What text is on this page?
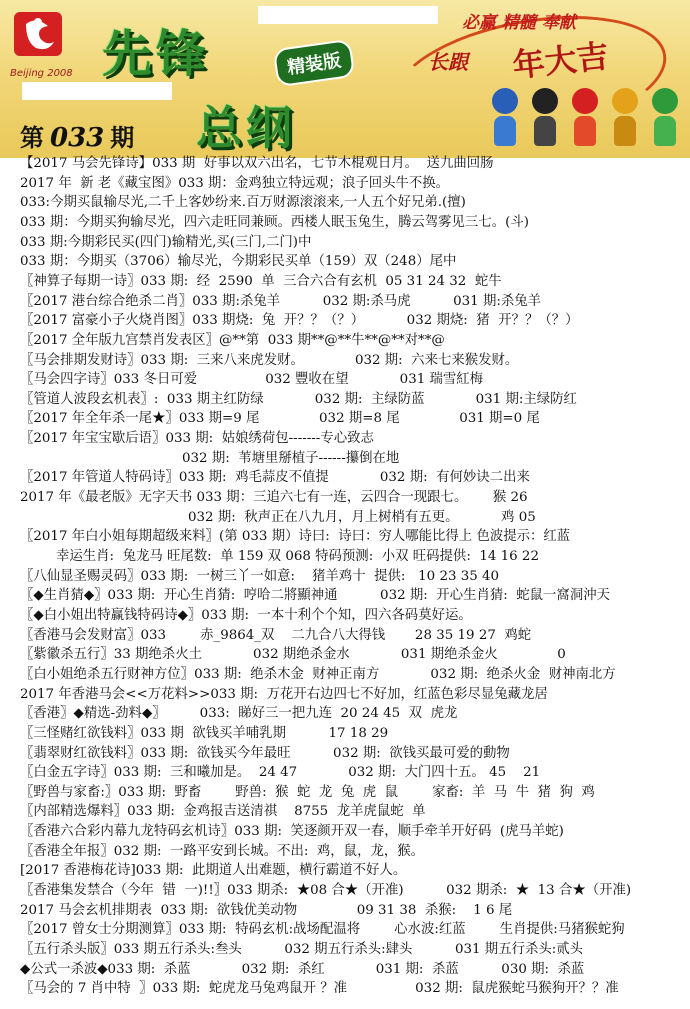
Beijing 2008 先锋	精装版
必赢 精髓 奉献
长跟 年大吉
总纲
第 033 期
【2017 马会先锋诗】033 期  好事以双六出名，七节木棍观日月。  送九曲回肠
2017 年  新 老《藏宝图》033 期：金鸡独立特远观；浪子回头牛不换。
033:今期买鼠输尽光,二千上客妙纷来.百万财源滚滚来,一人五个好兄弟.(擅)
033 期：今期买狗输尽光，四六走旺同兼顾。西楼人眠玉兔生，腾云驾雾见三七。(斗)
033 期:今期彩民买(四门)输精光,买(三门,二门)中
033 期：今期买（3706）输尽光，今期彩民买单（159）双（248）尾中
〖神算子每期一诗〗033 期:  经  2590  单  三合六合有玄机  05 31 24 32  蛇牛
〖2017 港台综合绝杀二肖〗033 期:杀兔羊          032 期:杀马虎          031 期:杀兔羊
〖2017 富豪小子火烧肖图〗033 期烧:  兔  开？？（？）          032 期烧:  猪  开？？（？）
〖2017 全年版九宫禁肖发表区〗@**第  033 期**@**牛**@**对**@
〖马会排期发财诗〗033 期:  三来八来虎发财。            032 期:  六来七来猴发财。
〖马会四字诗〗033 冬日可爱                032 豐收在望            031 瑞雪紅梅
〖管道人波段玄机表〗:  033 期主红防绿            032 期:  主绿防蓝            031 期:主绿防红
〖2017 年全年杀一尾★〗033 期=9 尾              032 期=8 尾              031 期=0 尾
〖2017 年宝宝歇后语〗033 期:  姑娘绣荷包-------专心致志
032 期:  苇塘里掰植子------攥倒在地
〖2017 年管道人特码诗〗033 期:  鸡毛蒜皮不值提            032 期:  有何妙诀二出来
2017 年《最老版》无字天书 033 期：三追六七有一连，云四合一现跟七。      猴 26
032 期:  秋声正在八九月，月上树梢有五更。          鸡 05
〖2017 年白小姐每期超级来料〗(第 033 期）诗曰:  诗曰：穷人哪能比得上 色波提示：红蓝
幸运生肖:  兔龙马 旺尾数:  单 159 双 068 特码预测:  小双 旺码提供:  14 16 22
〖八仙显圣赐灵码〗033 期:  一树三丫一如意:    猪羊鸡十  提供:   10 23 35 40
〖◆生肖猜◆〗033 期:  开心生肖猜:  哼哈二將顯神通          032 期:  开心生肖猜:  蛇鼠一窩洞沖天
〖◆白小姐出特赢钱特码诗◆〗033 期:  一本十利个个知，四六各码莫好运。
〖香港马会发财富〗033        赤_9864_双    二九合八大得钱       28 35 19 27  鸡蛇
〖紫徽杀五行〗33 期绝杀火土            032 期绝杀金水            031 期绝杀金火              0
〖白小姐绝杀五行财神方位〗033 期:  绝杀木金  财神正南方            032 期:  绝杀火金  财神南北方
2017 年香港马会<<万花料>>033 期:  万花开右边四七不好加，红蓝色彩尽显兔藏龙居
〖香港〗◆精选-劲料◆〗        033:  睇好三一把九连  20 24 45  双  虎龙
〖三怪赌红欲钱料〗033 期  欲钱买羊哺乳期          17 18 29
〖翡翠财红欲钱料〗033 期:  欲钱买今年最旺          032 期:  欲钱买最可爱的動物
〖白金五字诗〗033 期:  三和曦加是。  24 47            032 期:  大门四十五。 45    21
〖野兽与家畜:〗033 期:  野畜        野兽:  猴  蛇  龙  兔  虎  鼠        家畜:  羊  马  牛  猪  狗  鸡
〖内部精选爆料〗033 期:  金鸡报吉送清祺    8755  龙羊虎鼠蛇  单
〖香港六合彩内幕九龙特码玄机诗〗033 期:  笑逐颜开双一春，顺手牵羊开好码  (虎马羊蛇)
〖香港全年报〗032 期:  一路平安到长城。不出:  鸡，鼠，龙，猴。
[2017 香港梅花诗]033 期:  此期道人出难题，横行霸道不好人。
〖香港集发禁合（今年  错  一)!!〗033 期杀:  ★08 合★（开准)          032 期杀:  ★  13 合★（开准)
2017 马会玄机排期表  033 期:  欲钱优美动物              09 31 38  杀猴:    1 6 尾
〖2017 曾女士分期测算〗033 期:  特码玄机:战场配温将        心水波:红蓝        生肖提供:马猪猴蛇狗
〖五行杀头版〗033 期五行杀头:叁头          032 期五行杀头:肆头          031 期五行杀头:贰头
◆公式一杀波◆033 期:  杀蓝            032 期:  杀红            031 期:  杀蓝          030 期:  杀蓝
〖马会的 7 肖中特  〗033 期:  蛇虎龙马兔鸡鼠开 ？准                032 期:  鼠虎猴蛇马猴狗开？？准
